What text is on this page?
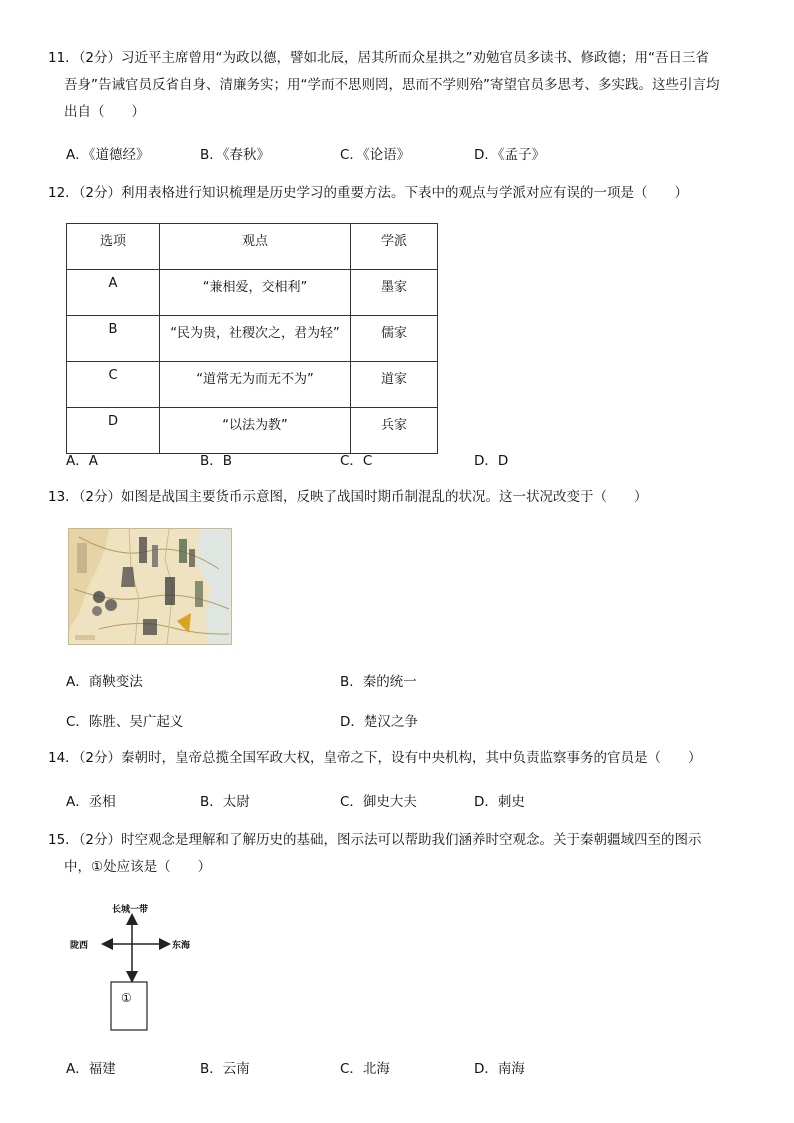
11．（2分）习近平主席曾用“为政以德，譬如北辰，居其所而众星拱之”劝勉官员多读书、修政德；用“吾日三省

吾身”告诫官员反省自身、清廉务实；用“学而不思则罔，思而不学则殆”寄望官员多思考、多实践。这些引言均

出自（　　）

A．《道德经》	B．《春秋》	C．《论语》	D．《孟子》

12．（2分）利用表格进行知识梳理是历史学习的重要方法。下表中的观点与学派对应有误的一项是（　　）

选项	观点	学派
A	“兼相爱，交相利”	墨家
B	“民为贵，社稷次之，君为轻”	儒家
C	“道常无为而无不为”	道家
D	“以法为教”	兵家
A．A	B．B	C．C	D．D

13．（2分）如图是战国主要货币示意图，反映了战国时期币制混乱的状况。这一状况改变于（　　）

A．商鞅变法	B．秦的统一
C．陈胜、吴广起义	D．楚汉之争

14．（2分）秦朝时，皇帝总揽全国军政大权，皇帝之下，设有中央机构，其中负责监察事务的官员是（　　）

A．丞相	B．太尉	C．御史大夫	D．刺史

15．（2分）时空观念是理解和了解历史的基础，图示法可以帮助我们涵养时空观念。关于秦朝疆域四至的图示

中，①处应该是（　　）

长城一带
陇西	东海
①
A．福建	B．云南	C．北海	D．南海
